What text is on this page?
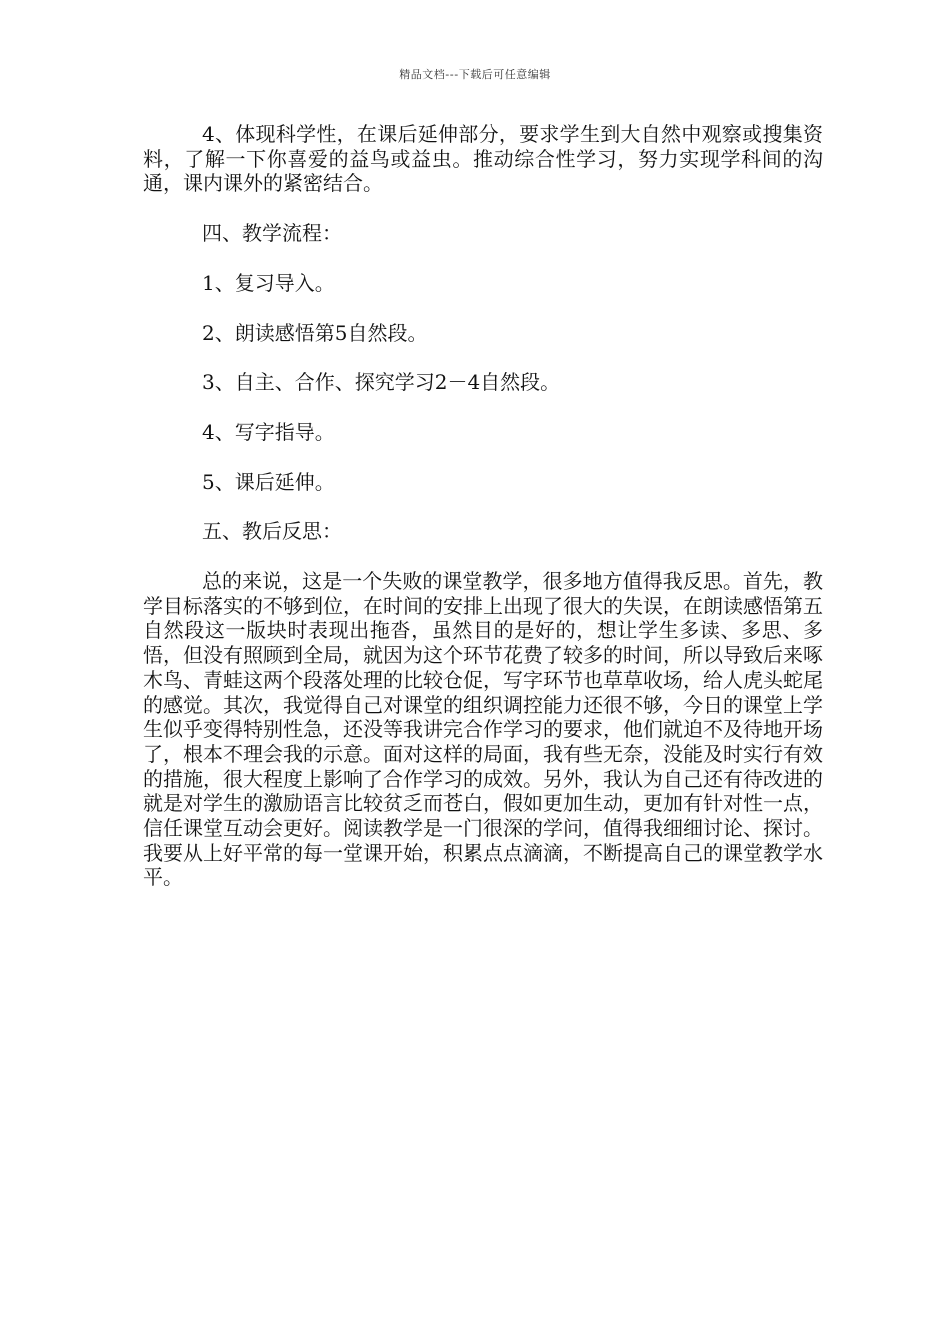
精品文档---下载后可任意编辑

4、体现科学性，在课后延伸部分，要求学生到大自然中观察或搜集资料，了解一下你喜爱的益鸟或益虫。推动综合性学习，努力实现学科间的沟通，课内课外的紧密结合。

四、教学流程：

1、复习导入。

2、朗读感悟第5自然段。

3、自主、合作、探究学习2－4自然段。

4、写字指导。

5、课后延伸。

五、教后反思：

总的来说，这是一个失败的课堂教学，很多地方值得我反思。首先，教学目标落实的不够到位，在时间的安排上出现了很大的失误，在朗读感悟第五自然段这一版块时表现出拖沓，虽然目的是好的，想让学生多读、多思、多悟，但没有照顾到全局，就因为这个环节花费了较多的时间，所以导致后来啄木鸟、青蛙这两个段落处理的比较仓促，写字环节也草草收场，给人虎头蛇尾的感觉。其次，我觉得自己对课堂的组织调控能力还很不够，今日的课堂上学生似乎变得特别性急，还没等我讲完合作学习的要求，他们就迫不及待地开场了，根本不理会我的示意。面对这样的局面，我有些无奈，没能及时实行有效的措施，很大程度上影响了合作学习的成效。另外，我认为自己还有待改进的就是对学生的激励语言比较贫乏而苍白，假如更加生动，更加有针对性一点，信任课堂互动会更好。阅读教学是一门很深的学问，值得我细细讨论、探讨。我要从上好平常的每一堂课开始，积累点点滴滴，不断提高自己的课堂教学水平。
